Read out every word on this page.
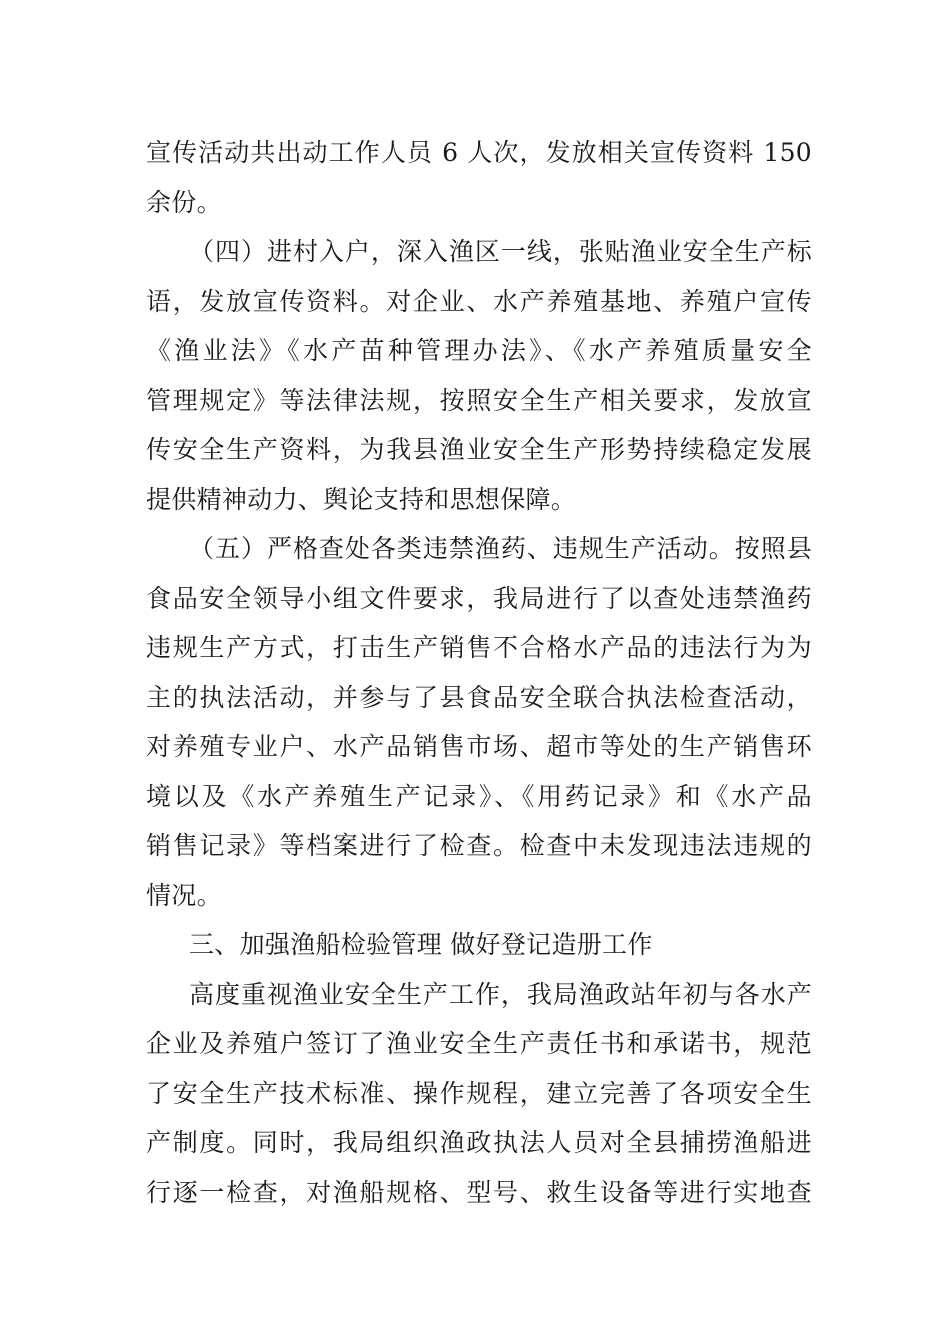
宣传活动共出动工作人员 6 人次，发放相关宣传资料 150
余份。
（四）进村入户，深入渔区一线，张贴渔业安全生产标
语，发放宣传资料。对企业、水产养殖基地、养殖户宣传
《渔业法》《水产苗种管理办法》、《水产养殖质量安全
管理规定》等法律法规，按照安全生产相关要求，发放宣
传安全生产资料，为我县渔业安全生产形势持续稳定发展
提供精神动力、舆论支持和思想保障。
（五）严格查处各类违禁渔药、违规生产活动。按照县
食品安全领导小组文件要求，我局进行了以查处违禁渔药
违规生产方式，打击生产销售不合格水产品的违法行为为
主的执法活动，并参与了县食品安全联合执法检查活动，
对养殖专业户、水产品销售市场、超市等处的生产销售环
境以及《水产养殖生产记录》、《用药记录》和《水产品
销售记录》等档案进行了检查。检查中未发现违法违规的
情况。
三、加强渔船检验管理 做好登记造册工作
高度重视渔业安全生产工作，我局渔政站年初与各水产
企业及养殖户签订了渔业安全生产责任书和承诺书，规范
了安全生产技术标准、操作规程，建立完善了各项安全生
产制度。同时，我局组织渔政执法人员对全县捕捞渔船进
行逐一检查，对渔船规格、型号、救生设备等进行实地查
